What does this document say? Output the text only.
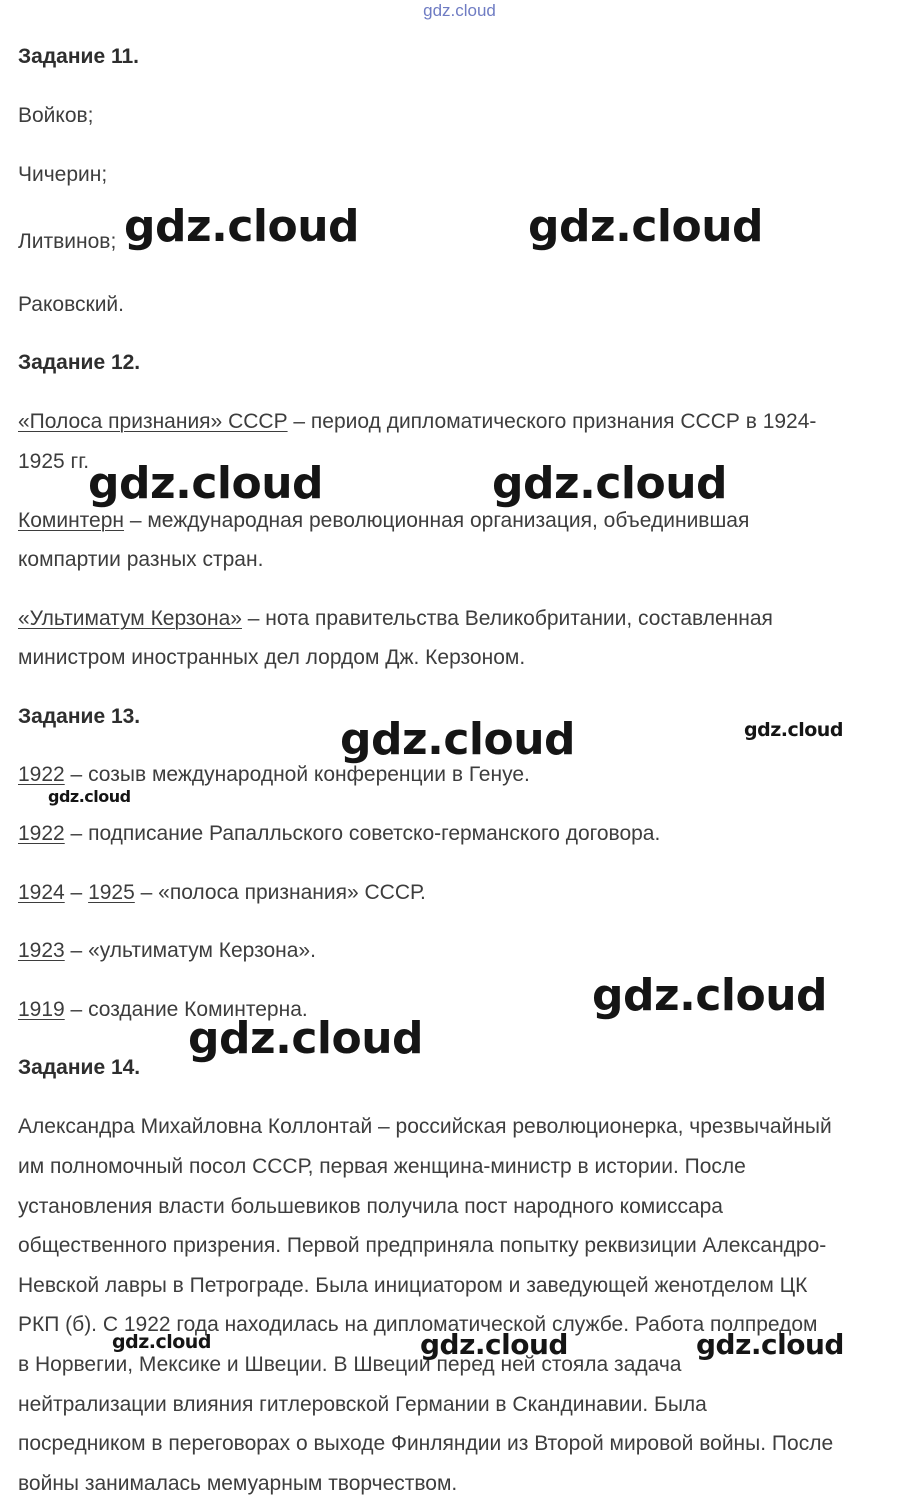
gdz.cloud
Задание 11.
Войков;
Чичерин;
Литвинов;
Раковский.
Задание 12.
«Полоса признания» СССР – период дипломатического признания СССР в 1924-
1925 гг.
Коминтерн – международная революционная организация, объединившая
компартии разных стран.
«Ультиматум Керзона» – нота правительства Великобритании, составленная
министром иностранных дел лордом Дж. Керзоном.
Задание 13.
1922 – созыв международной конференции в Генуе.
1922 – подписание Рапалльского советско-германского договора.
1924 – 1925 – «полоса признания» СССР.
1923 – «ультиматум Керзона».
1919 – создание Коминтерна.
Задание 14.
Александра Михайловна Коллонтай – российская революционерка, чрезвычайный
им полномочный посол СССР, первая женщина-министр в истории. После
установления власти большевиков получила пост народного комиссара
общественного призрения. Первой предприняла попытку реквизиции Александро-
Невской лавры в Петрограде. Была инициатором и заведующей женотделом ЦК
РКП (б). С 1922 года находилась на дипломатической службе. Работа полпредом
в Норвегии, Мексике и Швеции. В Швеции перед ней стояла задача
нейтрализации влияния гитлеровской Германии в Скандинавии. Была
посредником в переговорах о выходе Финляндии из Второй мировой войны. После
войны занималась мемуарным творчеством.
gdz.cloud	gdz.cloud
gdz.cloud	gdz.cloud
gdz.cloud	gdz.cloud
gdz.cloud
gdz.cloud
gdz.cloud
gdz.cloud	gdz.cloud	gdz.cloud
